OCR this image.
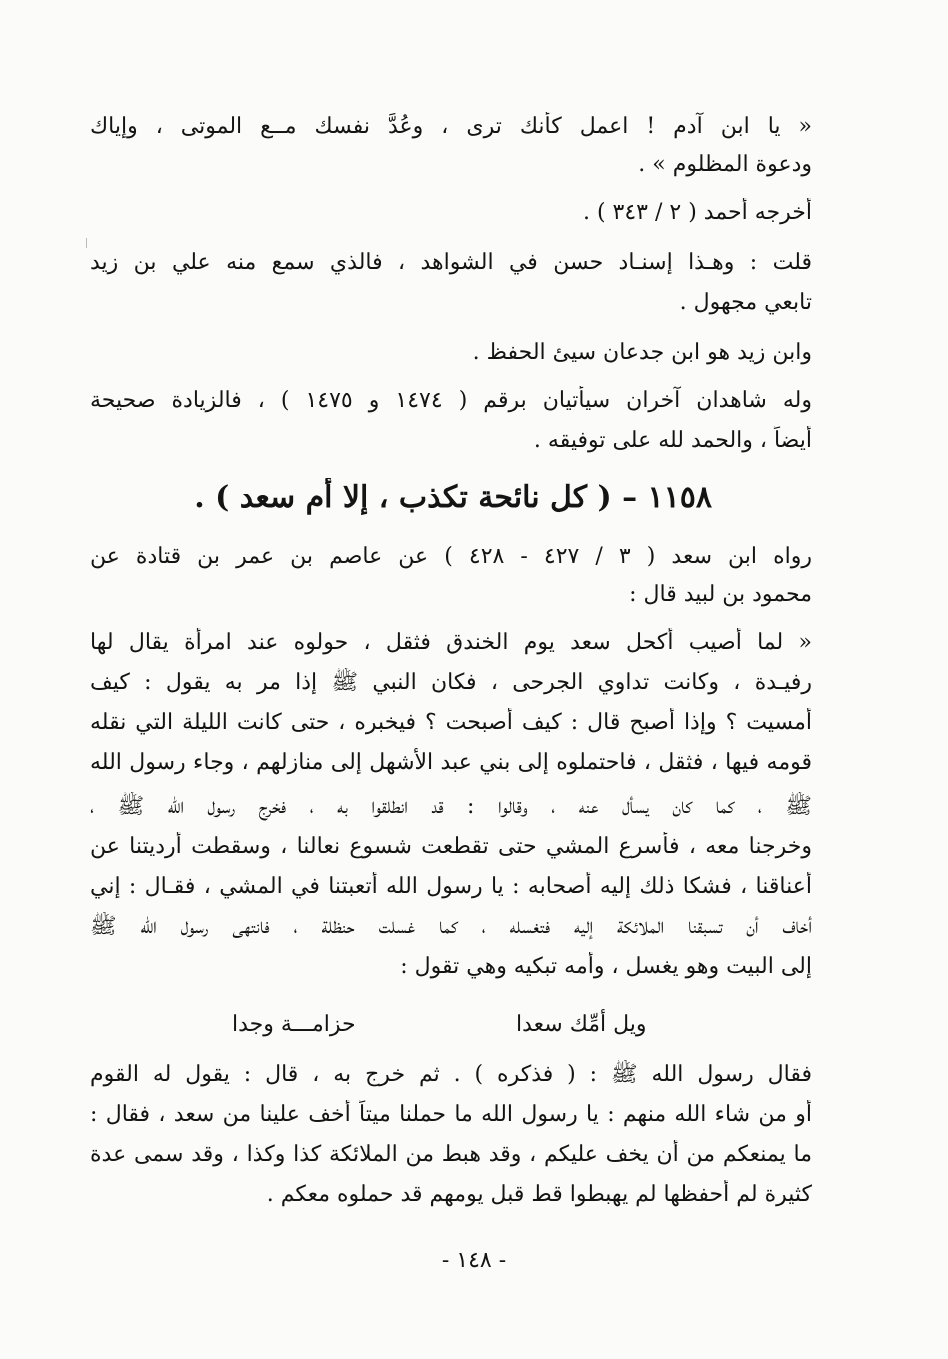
« يا ابن آدم ! اعمل كأنك ترى ، وعُدَّ نفسك مــع الموتى ، وإياك
ودعوة المظلوم » .
أخرجه أحمد ( ٢ / ٣٤٣ ) .
قلت : وهـذا إسنـاد حسن في الشواهد ، فالذي سمع منه علي بن زيد
تابعي مجهول .
وابن زيد هو ابن جدعان سيئ الحفظ .
وله شاهدان آخران سيأتيان برقم ( ١٤٧٤ و ١٤٧٥ ) ، فالزيادة صحيحة
أيضاً ، والحمد لله على توفيقه .
١١٥٨ – ( كل نائحة تكذب ، إلا أم سعد ) .
رواه ابن سعد ( ٣ / ٤٢٧ - ٤٢٨ ) عن عاصم بن عمر بن قتادة عن
محمود بن لبيد قال :
« لما أصيب أكحل سعد يوم الخندق فثقل ، حولوه عند امرأة يقال لها
رفيـدة ، وكانت تداوي الجرحى ، فكان النبي ﷺ إذا مر به يقول : كيف
أمسيت ؟ وإذا أصبح قال : كيف أصبحت ؟ فيخبره ، حتى كانت الليلة التي نقله
قومه فيها ، فثقل ، فاحتملوه إلى بني عبد الأشهل إلى منازلهم ، وجاء رسول الله
ﷺ ، كما كان يسأل عنه ، وقالوا : قد انطلقوا به ، فخرج رسول الله ﷺ ،
وخرجنا معه ، فأسرع المشي حتى تقطعت شسوع نعالنا ، وسقطت أرديتنا عن
أعناقنا ، فشكا ذلك إليه أصحابه : يا رسول الله أتعبتنا في المشي ، فقـال : إني
أخاف أن تسبقنا الملائكة إليه فتغسله ، كما غسلت حنظلة ، فانتهى رسول الله ﷺ
إلى البيت وهو يغسل ، وأمه تبكيه وهي تقول :
فقال رسول الله ﷺ : ( فذكره ) . ثم خرج به ، قال : يقول له القوم
أو من شاء الله منهم : يا رسول الله ما حملنا ميتاً أخف علينا من سعد ، فقال :
ما يمنعكم من أن يخف عليكم ، وقد هبط من الملائكة كذا وكذا ، وقد سمى عدة
كثيرة لم أحفظها لم يهبطوا قط قبل يومهم قد حملوه معكم .
ويل أمِّك سعدا
حزامـــة وجدا
- ١٤٨ -
